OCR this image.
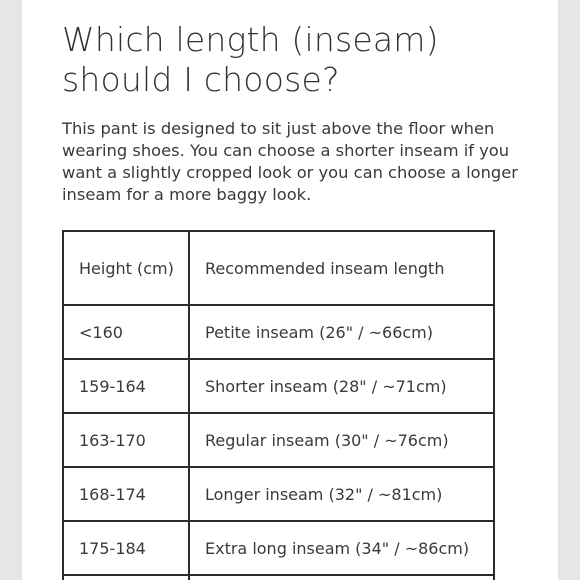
Which length (inseam) should I choose?

This pant is designed to sit just above the floor when wearing shoes. You can choose a shorter inseam if you want a slightly cropped look or you can choose a longer inseam for a more baggy look.

Height (cm)	Recommended inseam length
<160	Petite inseam (26" / ~66cm)
159-164	Shorter inseam (28" / ~71cm)
163-170	Regular inseam (30" / ~76cm)
168-174	Longer inseam (32" / ~81cm)
175-184	Extra long inseam (34" / ~86cm)
